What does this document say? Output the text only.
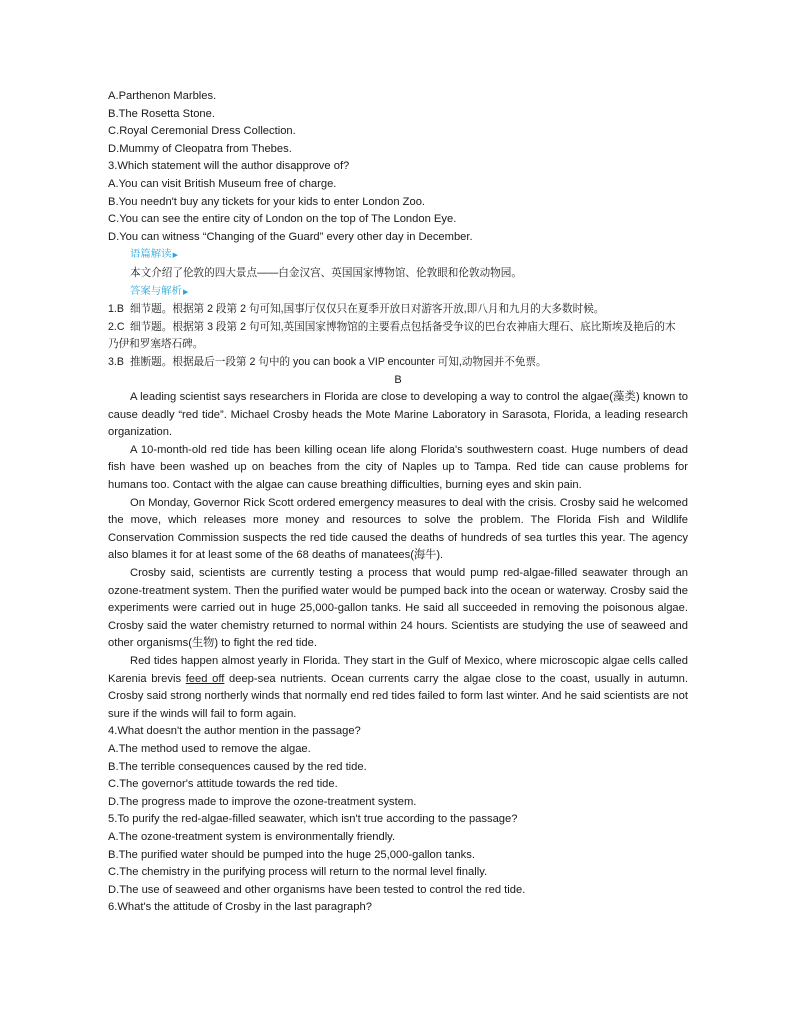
A.Parthenon Marbles.
B.The Rosetta Stone.
C.Royal Ceremonial Dress Collection.
D.Mummy of Cleopatra from Thebes.
3.Which statement will the author disapprove of?
A.You can visit British Museum free of charge.
B.You needn't buy any tickets for your kids to enter London Zoo.
C.You can see the entire city of London on the top of The London Eye.
D.You can witness “Changing of the Guard” every other day in December.
语篇解读▶
本文介绍了伦敦的四大景点——白金汉宫、英国国家博物馆、伦敦眼和伦敦动物园。
答案与解析▶
1.B 细节题。根据第 2 段第 2 句可知,国事厅仅仅只在夏季开放日对游客开放,即八月和九月的大多数时候。
2.C 细节题。根据第 3 段第 2 句可知,英国国家博物馆的主要看点包括备受争议的巴台农神庙大理石、底比斯埃及艳后的木
乃伊和罗塞塔石碑。
3.B 推断题。根据最后一段第 2 句中的 you can book a VIP encounter 可知,动物园并不免票。
B
A leading scientist says researchers in Florida are close to developing a way to control the algae(藻类) known to cause deadly “red tide”. Michael Crosby heads the Mote Marine Laboratory in Sarasota, Florida, a leading research organization.
A 10-month-old red tide has been killing ocean life along Florida's southwestern coast. Huge numbers of dead fish have been washed up on beaches from the city of Naples up to Tampa. Red tide can cause problems for humans too. Contact with the algae can cause breathing difficulties, burning eyes and skin pain.
On Monday, Governor Rick Scott ordered emergency measures to deal with the crisis. Crosby said he welcomed the move, which releases more money and resources to solve the problem. The Florida Fish and Wildlife Conservation Commission suspects the red tide caused the deaths of hundreds of sea turtles this year. The agency also blames it for at least some of the 68 deaths of manatees(海牛).
Crosby said, scientists are currently testing a process that would pump red-algae-filled seawater through an ozone-treatment system. Then the purified water would be pumped back into the ocean or waterway. Crosby said the experiments were carried out in huge 25,000-gallon tanks. He said all succeeded in removing the poisonous algae. Crosby said the water chemistry returned to normal within 24 hours. Scientists are studying the use of seaweed and other organisms(生物) to fight the red tide.
Red tides happen almost yearly in Florida. They start in the Gulf of Mexico, where microscopic algae cells called Karenia brevis feed off deep-sea nutrients. Ocean currents carry the algae close to the coast, usually in autumn. Crosby said strong northerly winds that normally end red tides failed to form last winter. And he said scientists are not sure if the winds will fail to form again.
4.What doesn't the author mention in the passage?
A.The method used to remove the algae.
B.The terrible consequences caused by the red tide.
C.The governor's attitude towards the red tide.
D.The progress made to improve the ozone-treatment system.
5.To purify the red-algae-filled seawater, which isn't true according to the passage?
A.The ozone-treatment system is environmentally friendly.
B.The purified water should be pumped into the huge 25,000-gallon tanks.
C.The chemistry in the purifying process will return to the normal level finally.
D.The use of seaweed and other organisms have been tested to control the red tide.
6.What's the attitude of Crosby in the last paragraph?
